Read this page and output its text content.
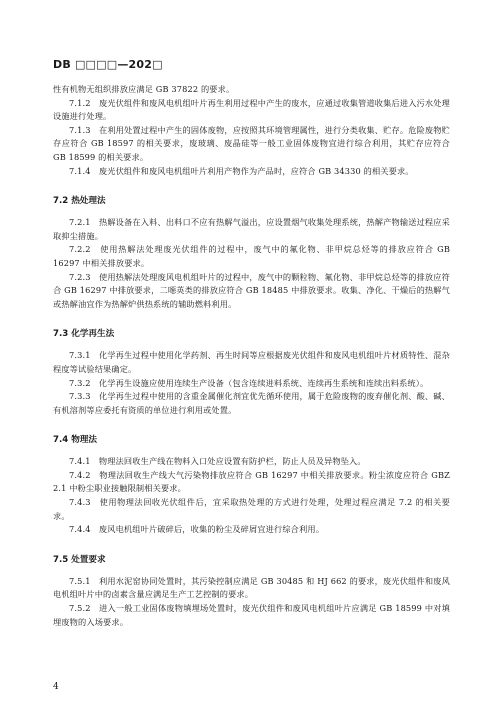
DB □□□□—202□

性有机物无组织排放应满足 GB 37822 的要求。

7.1.2　废光伏组件和废风电机组叶片再生利用过程中产生的废水，应通过收集管道收集后进入污水处理设施进行处理。

7.1.3　在利用处置过程中产生的固体废物，应按照其环境管理属性，进行分类收集、贮存。危险废物贮存应符合 GB 18597 的相关要求，废玻璃、废晶硅等一般工业固体废物宜进行综合利用，其贮存应符合 GB 18599 的相关要求。

7.1.4　废光伏组件和废风电机组叶片利用产物作为产品时，应符合 GB 34330 的相关要求。

7.2 热处理法

7.2.1　热解设备在入料、出料口不应有热解气溢出，应设置烟气收集处理系统，热解产物输送过程应采取抑尘措施。

7.2.2　使用热解法处理废光伏组件的过程中，废气中的氟化物、非甲烷总烃等的排放应符合 GB 16297 中相关排放要求。

7.2.3　使用热解法处理废风电机组叶片的过程中，废气中的颗粒物、氟化物、非甲烷总烃等的排放应符合 GB 16297 中排放要求，二噁英类的排放应符合 GB 18485 中排放要求。收集、净化、干燥后的热解气或热解油宜作为热解炉供热系统的辅助燃料利用。

7.3 化学再生法

7.3.1　化学再生过程中使用化学药剂、再生时间等应根据废光伏组件和废风电机组叶片材质特性、混杂程度等试验结果确定。

7.3.2　化学再生设施应使用连续生产设备（包含连续进料系统、连续再生系统和连续出料系统）。

7.3.3　化学再生过程中使用的含重金属催化剂宜优先循环使用，属于危险废物的废弃催化剂、酸、碱、有机溶剂等应委托有资质的单位进行利用或处置。

7.4 物理法

7.4.1　物理法回收生产线在物料入口处应设置有防护栏，防止人员及异物坠入。

7.4.2　物理法回收生产线大气污染物排放应符合 GB 16297 中相关排放要求。粉尘浓度应符合 GBZ 2.1 中粉尘职业接触限制相关要求。

7.4.3　使用物理法回收光伏组件后，宜采取热处理的方式进行处理，处理过程应满足 7.2 的相关要求。

7.4.4　废风电机组叶片破碎后，收集的粉尘及碎屑宜进行综合利用。

7.5 处置要求

7.5.1　利用水泥窑协同处置时，其污染控制应满足 GB 30485 和 HJ 662 的要求，废光伏组件和废风电机组叶片中的卤素含量应满足生产工艺控制的要求。

7.5.2　进入一般工业固体废物填埋场处置时，废光伏组件和废风电机组叶片应满足 GB 18599 中对填埋废物的入场要求。

4
